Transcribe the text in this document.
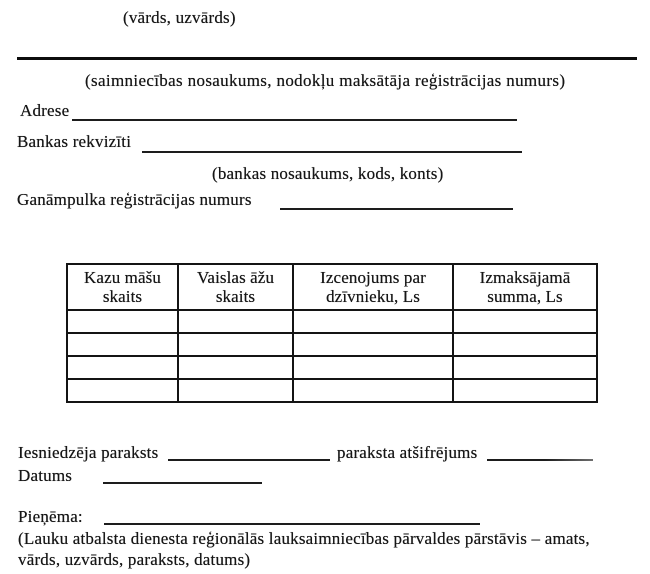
(vārds, uzvārds)
(saimniecības nosaukums, nodokļu maksātāja reģistrācijas numurs)
Adrese
Bankas rekvizīti
(bankas nosaukums, kods, konts)
Ganāmpulka reģistrācijas numurs
Kazu māšu skaits	Vaislas āžu skaits	Izcenojums par dzīvnieku, Ls	Izmaksājamā summa, Ls

Iesniedzēja paraksts	paraksta atšifrējums
Datums
Pieņēma:
(Lauku atbalsta dienesta reģionālās lauksaimniecības pārvaldes pārstāvis – amats,
vārds, uzvārds, paraksts, datums)
